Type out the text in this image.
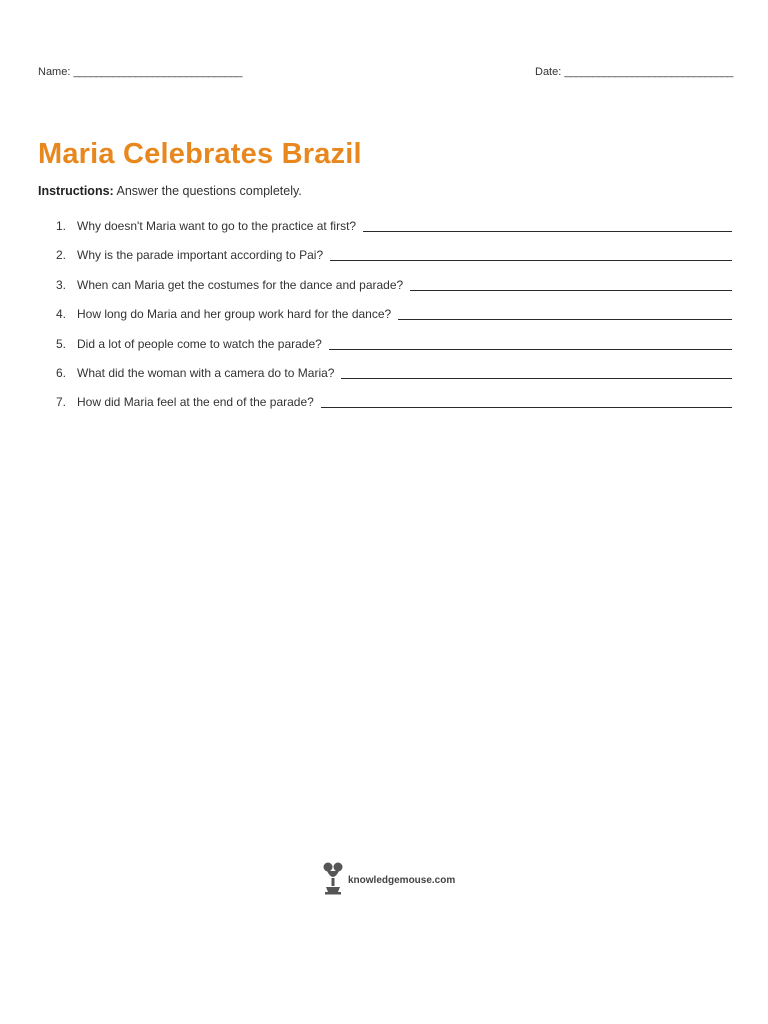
Name: ______________________________	Date: ______________________________
Maria Celebrates Brazil
Instructions: Answer the questions completely.
1. Why doesn't Maria want to go to the practice at first?
2. Why is the parade important according to Pai?
3. When can Maria get the costumes for the dance and parade?
4. How long do Maria and her group work hard for the dance?
5. Did a lot of people come to watch the parade?
6. What did the woman with a camera do to Maria?
7. How did Maria feel at the end of the parade?
knowledgemouse.com
